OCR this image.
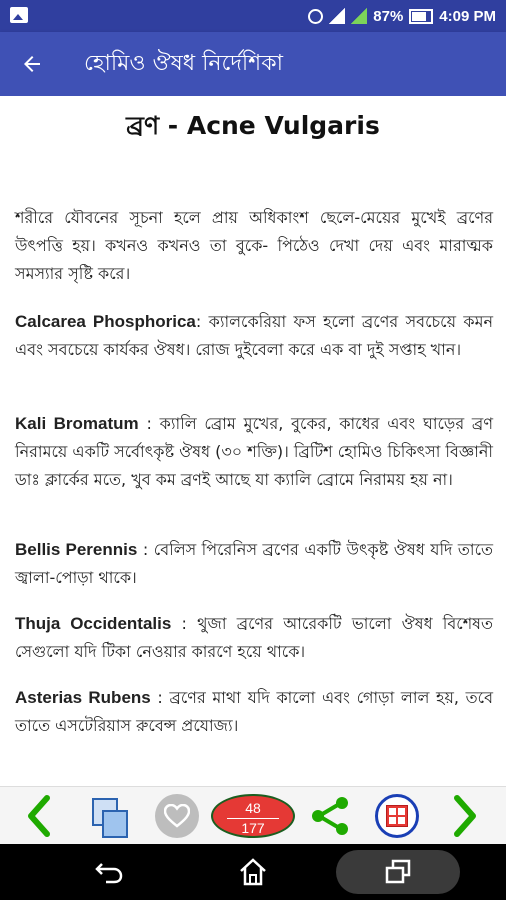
87% 4:09 PM
হোমিও ঔষধ নির্দেশিকা
ব্রণ - Acne Vulgaris

শরীরে যৌবনের সূচনা হলে প্রায় অধিকাংশ ছেলে-মেয়ের মুখেই ব্রণের উৎপত্তি হয়। কখনও কখনও তা বুকে- পিঠেও দেখা দেয় এবং মারাত্মক সমস্যার সৃষ্টি করে।

Calcarea Phosphorica: ক্যালকেরিয়া ফস হলো ব্রণের সবচেয়ে কমন এবং সবচেয়ে কার্যকর ঔষধ। রোজ দুইবেলা করে এক বা দুই সপ্তাহ খান।

Kali Bromatum : ক্যালি ব্রোম মুখের, বুকের, কাধের এবং ঘাড়ের ব্রণ নিরাময়ে একটি সর্বোৎকৃষ্ট ঔষধ (৩০ শক্তি)। ব্রিটিশ হোমিও চিকিৎসা বিজ্ঞানী ডাঃ ক্লার্কের মতে, খুব কম ব্রণই আছে যা ক্যালি ব্রোমে নিরাময় হয় না।

Bellis Perennis : বেলিস পিরেনিস ব্রণের একটি উৎকৃষ্ট ঔষধ যদি তাতে জ্বালা-পোড়া থাকে।

Thuja Occidentalis : থুজা ব্রণের আরেকটি ভালো ঔষধ বিশেষত সেগুলো যদি টিকা নেওয়ার কারণে হয়ে থাকে।

Asterias Rubens : ব্রণের মাথা যদি কালো এবং গোড়া লাল হয়, তবে তাতে এসটেরিয়াস রুবেন্স প্রযোজ্য।

48
177
